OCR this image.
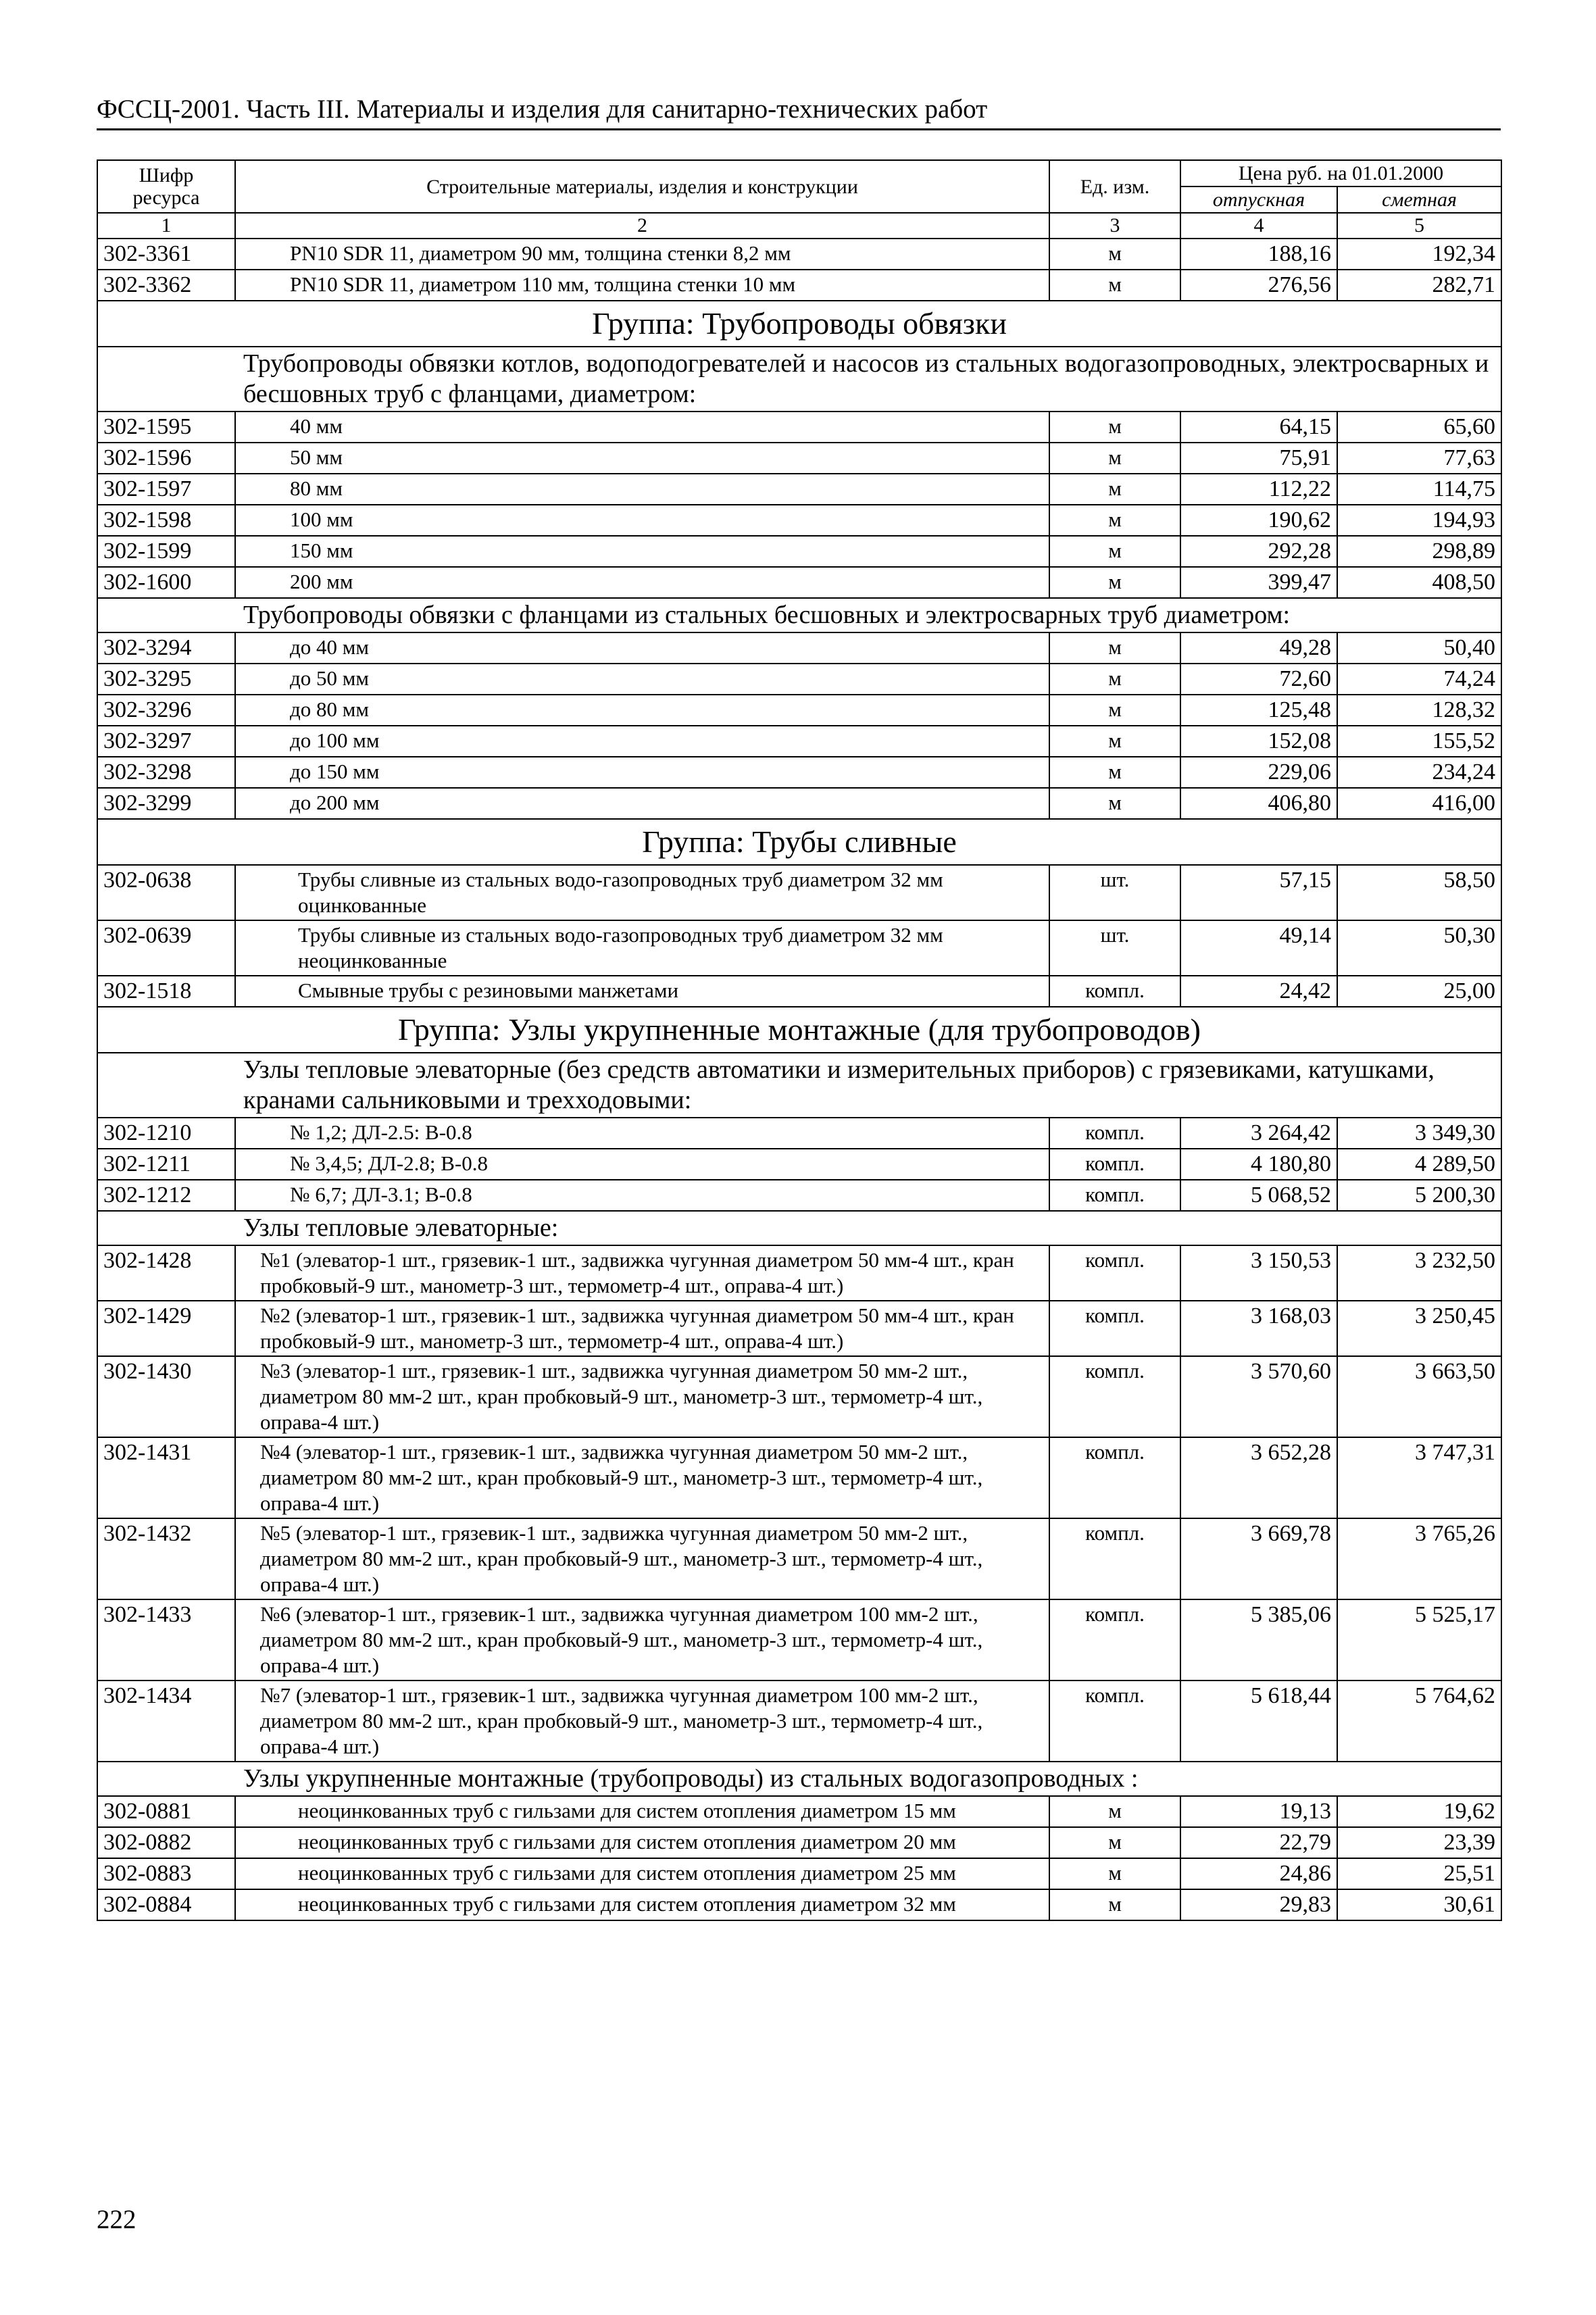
ФССЦ-2001. Часть III. Материалы и изделия для санитарно-технических работ
Шифр ресурса	Строительные материалы, изделия и конструкции	Ед. изм.	Цена руб. на 01.01.2000	
			отпускная	сметная
1	2	3	4	5
302-3361	PN10 SDR 11, диаметром 90 мм, толщина стенки 8,2 мм	м	188,16	192,34
302-3362	PN10 SDR 11, диаметром 110 мм, толщина стенки 10 мм	м	276,56	282,71
Группа: Трубопроводы обвязки				
	Трубопроводы обвязки котлов, водоподогревателей и насосов из стальных водогазопроводных, электросварных и бесшовных труб с фланцами, диаметром:			
302-1595	40 мм	м	64,15	65,60
302-1596	50 мм	м	75,91	77,63
302-1597	80 мм	м	112,22	114,75
302-1598	100 мм	м	190,62	194,93
302-1599	150 мм	м	292,28	298,89
302-1600	200 мм	м	399,47	408,50
	Трубопроводы обвязки с фланцами из стальных бесшовных и электросварных труб диаметром:			
302-3294	до 40 мм	м	49,28	50,40
302-3295	до 50 мм	м	72,60	74,24
302-3296	до 80 мм	м	125,48	128,32
302-3297	до 100 мм	м	152,08	155,52
302-3298	до 150 мм	м	229,06	234,24
302-3299	до 200 мм	м	406,80	416,00
Группа: Трубы сливные				
302-0638	Трубы сливные из стальных водо-газопроводных труб диаметром 32 мм оцинкованные	шт.	57,15	58,50
302-0639	Трубы сливные из стальных водо-газопроводных труб диаметром 32 мм неоцинкованные	шт.	49,14	50,30
302-1518	Смывные трубы с резиновыми манжетами	компл.	24,42	25,00
Группа: Узлы укрупненные монтажные (для трубопроводов)				
	Узлы тепловые элеваторные (без средств автоматики и измерительных приборов) с грязевиками, катушками, кранами сальниковыми и трехходовыми:			
302-1210	№ 1,2; ДЛ-2.5: В-0.8	компл.	3 264,42	3 349,30
302-1211	№ 3,4,5; ДЛ-2.8; В-0.8	компл.	4 180,80	4 289,50
302-1212	№ 6,7; ДЛ-3.1; В-0.8	компл.	5 068,52	5 200,30
	Узлы тепловые элеваторные:			
302-1428	№1 (элеватор-1 шт., грязевик-1 шт., задвижка чугунная диаметром 50 мм-4 шт., кран пробковый-9 шт., манометр-3 шт., термометр-4 шт., оправа-4 шт.)	компл.	3 150,53	3 232,50
302-1429	№2 (элеватор-1 шт., грязевик-1 шт., задвижка чугунная диаметром 50 мм-4 шт., кран пробковый-9 шт., манометр-3 шт., термометр-4 шт., оправа-4 шт.)	компл.	3 168,03	3 250,45
302-1430	№3 (элеватор-1 шт., грязевик-1 шт., задвижка чугунная диаметром 50 мм-2 шт., диаметром 80 мм-2 шт., кран пробковый-9 шт., манометр-3 шт., термометр-4 шт., оправа-4 шт.)	компл.	3 570,60	3 663,50
302-1431	№4 (элеватор-1 шт., грязевик-1 шт., задвижка чугунная диаметром 50 мм-2 шт., диаметром 80 мм-2 шт., кран пробковый-9 шт., манометр-3 шт., термометр-4 шт., оправа-4 шт.)	компл.	3 652,28	3 747,31
302-1432	№5 (элеватор-1 шт., грязевик-1 шт., задвижка чугунная диаметром 50 мм-2 шт., диаметром 80 мм-2 шт., кран пробковый-9 шт., манометр-3 шт., термометр-4 шт., оправа-4 шт.)	компл.	3 669,78	3 765,26
302-1433	№6 (элеватор-1 шт., грязевик-1 шт., задвижка чугунная диаметром 100 мм-2 шт., диаметром 80 мм-2 шт., кран пробковый-9 шт., манометр-3 шт., термометр-4 шт., оправа-4 шт.)	компл.	5 385,06	5 525,17
302-1434	№7 (элеватор-1 шт., грязевик-1 шт., задвижка чугунная диаметром 100 мм-2 шт., диаметром 80 мм-2 шт., кран пробковый-9 шт., манометр-3 шт., термометр-4 шт., оправа-4 шт.)	компл.	5 618,44	5 764,62
	Узлы укрупненные монтажные (трубопроводы) из стальных водогазопроводных :			
302-0881	неоцинкованных труб с гильзами для систем отопления диаметром 15 мм	м	19,13	19,62
302-0882	неоцинкованных труб с гильзами для систем отопления диаметром 20 мм	м	22,79	23,39
302-0883	неоцинкованных труб с гильзами для систем отопления диаметром 25 мм	м	24,86	25,51
302-0884	неоцинкованных труб с гильзами для систем отопления диаметром 32 мм	м	29,83	30,61
222
